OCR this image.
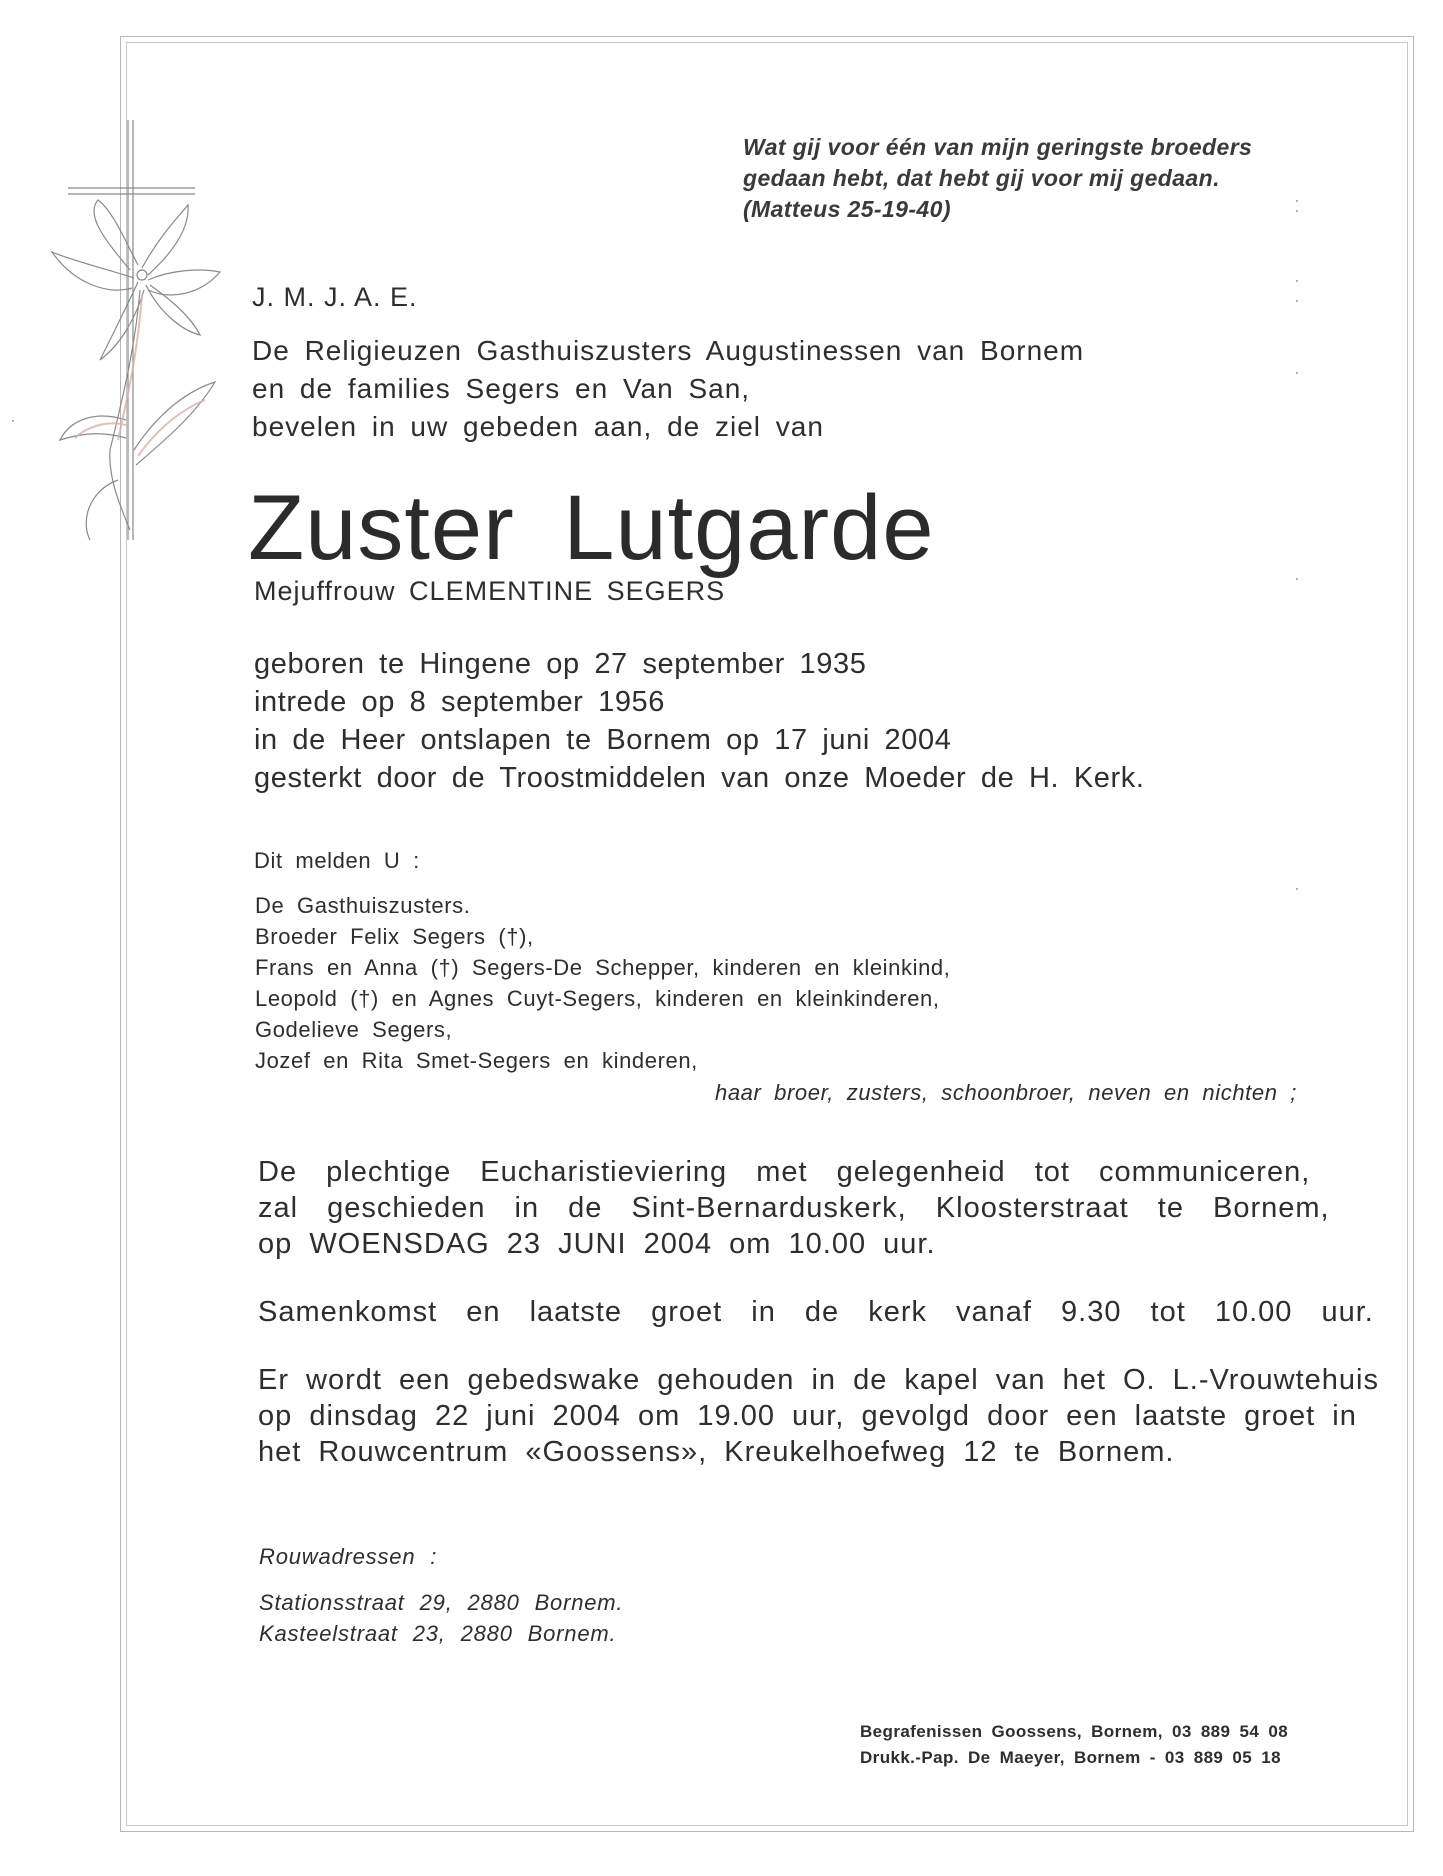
Wat gij voor één van mijn geringste broeders
gedaan hebt, dat hebt gij voor mij gedaan.
(Matteus 25-19-40)
J. M. J. A. E.
De Religieuzen Gasthuiszusters Augustinessen van Bornem
en de families Segers en Van San,
bevelen in uw gebeden aan, de ziel van
Zuster Lutgarde
Mejuffrouw CLEMENTINE SEGERS
geboren te Hingene op 27 september 1935
intrede op 8 september 1956
in de Heer ontslapen te Bornem op 17 juni 2004
gesterkt door de Troostmiddelen van onze Moeder de H. Kerk.
Dit melden U :
De Gasthuiszusters.
Broeder Felix Segers (†),
Frans en Anna (†) Segers-De Schepper, kinderen en kleinkind,
Leopold (†) en Agnes Cuyt-Segers, kinderen en kleinkinderen,
Godelieve Segers,
Jozef en Rita Smet-Segers en kinderen,
haar broer, zusters, schoonbroer, neven en nichten ;
De plechtige Eucharistieviering met gelegenheid tot communiceren,
zal geschieden in de Sint-Bernarduskerk, Kloosterstraat te Bornem,
op WOENSDAG 23 JUNI 2004 om 10.00 uur.
Samenkomst en laatste groet in de kerk vanaf 9.30 tot 10.00 uur.
Er wordt een gebedswake gehouden in de kapel van het O. L.-Vrouwtehuis
op dinsdag 22 juni 2004 om 19.00 uur, gevolgd door een laatste groet in
het Rouwcentrum «Goossens», Kreukelhoefweg 12 te Bornem.
Rouwadressen :
Stationsstraat 29, 2880 Bornem.
Kasteelstraat 23, 2880 Bornem.
Begrafenissen Goossens, Bornem, 03 889 54 08
Drukk.-Pap. De Maeyer, Bornem - 03 889 05 18
